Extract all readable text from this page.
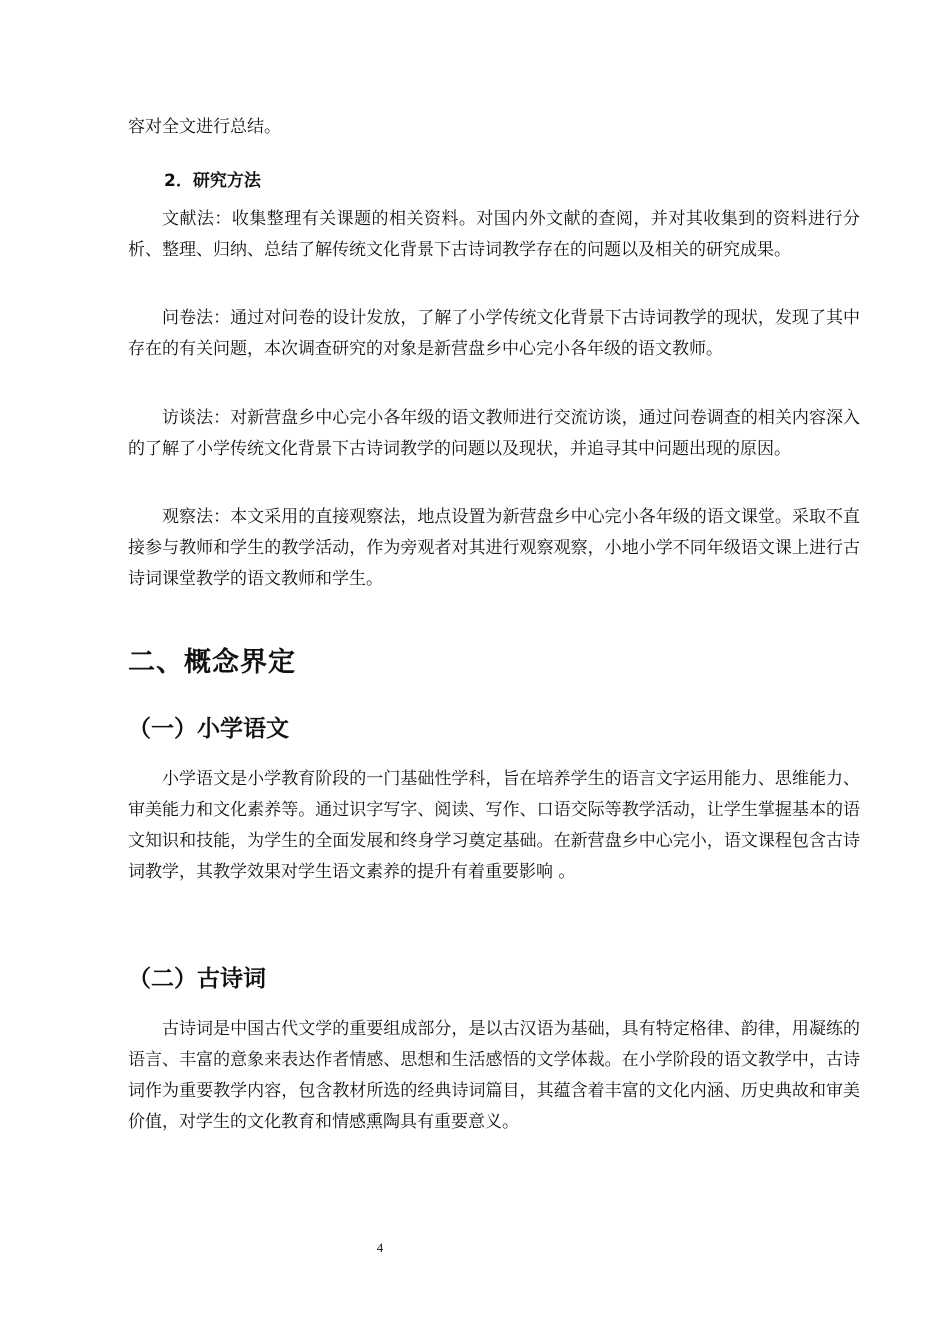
容对全文进行总结。

2．研究方法

文献法：收集整理有关课题的相关资料。对国内外文献的查阅，并对其收集到的资料进行分析、整理、归纳、总结了解传统文化背景下古诗词教学存在的问题以及相关的研究成果。

问卷法：通过对问卷的设计发放，了解了小学传统文化背景下古诗词教学的现状，发现了其中存在的有关问题，本次调查研究的对象是新营盘乡中心完小各年级的语文教师。

访谈法：对新营盘乡中心完小各年级的语文教师进行交流访谈，通过问卷调查的相关内容深入的了解了小学传统文化背景下古诗词教学的问题以及现状，并追寻其中问题出现的原因。

观察法：本文采用的直接观察法，地点设置为新营盘乡中心完小各年级的语文课堂。采取不直接参与教师和学生的教学活动，作为旁观者对其进行观察观察，小地小学不同年级语文课上进行古诗词课堂教学的语文教师和学生。

二、概念界定
（一）小学语文

小学语文是小学教育阶段的一门基础性学科，旨在培养学生的语言文字运用能力、思维能力、审美能力和文化素养等。通过识字写字、阅读、写作、口语交际等教学活动，让学生掌握基本的语文知识和技能，为学生的全面发展和终身学习奠定基础。在新营盘乡中心完小，语文课程包含古诗词教学，其教学效果对学生语文素养的提升有着重要影响 。

（二）古诗词

古诗词是中国古代文学的重要组成部分，是以古汉语为基础，具有特定格律、韵律，用凝练的语言、丰富的意象来表达作者情感、思想和生活感悟的文学体裁。在小学阶段的语文教学中，古诗词作为重要教学内容，包含教材所选的经典诗词篇目，其蕴含着丰富的文化内涵、历史典故和审美价值，对学生的文化教育和情感熏陶具有重要意义。

4
